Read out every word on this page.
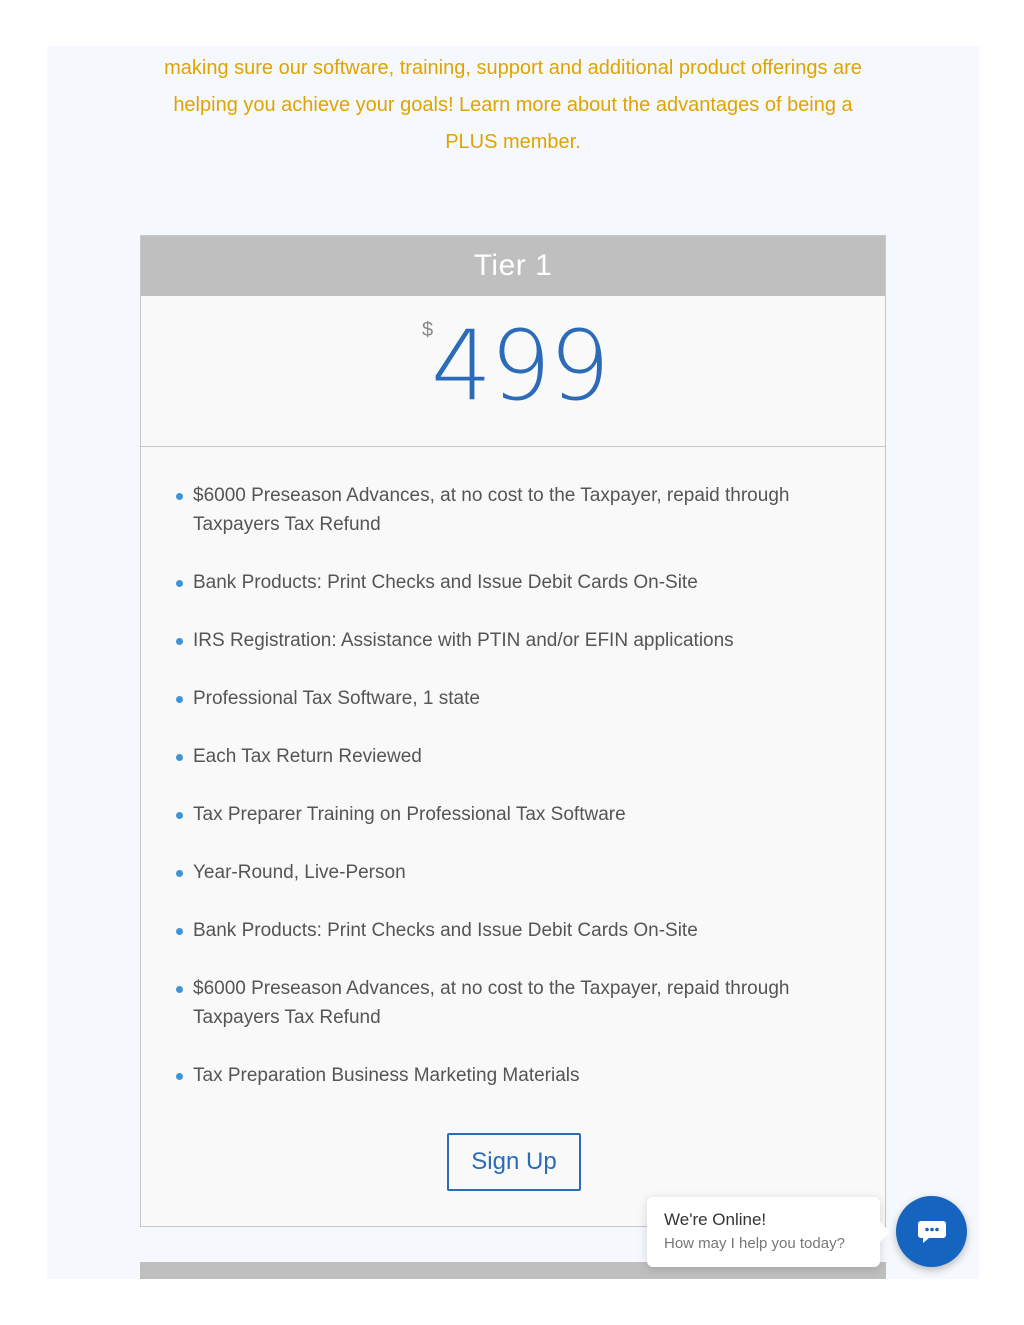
making sure our software, training, support and additional product offerings are

helping you achieve your goals! Learn more about the advantages of being a

PLUS member.

Tier 1
$
499
$6000 Preseason Advances, at no cost to the Taxpayer, repaid through Taxpayers Tax Refund
Bank Products: Print Checks and Issue Debit Cards On-Site
IRS Registration: Assistance with PTIN and/or EFIN applications
Professional Tax Software, 1 state
Each Tax Return Reviewed
Tax Preparer Training on Professional Tax Software
Year-Round, Live-Person
Bank Products: Print Checks and Issue Debit Cards On-Site
$6000 Preseason Advances, at no cost to the Taxpayer, repaid through Taxpayers Tax Refund
Tax Preparation Business Marketing Materials
Sign Up
We're Online!
How may I help you today?
